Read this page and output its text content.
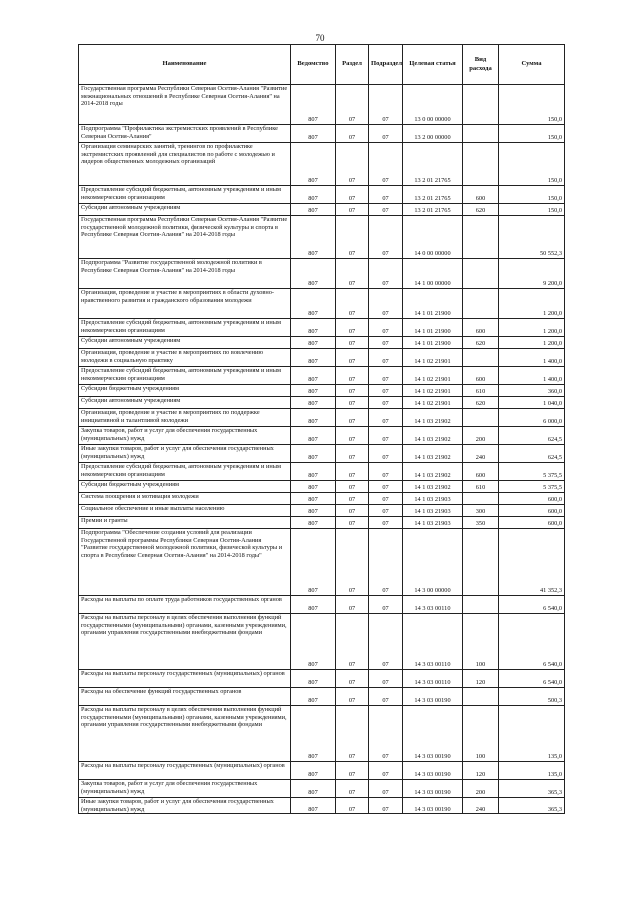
70
Наименование	Ведомство	Раздел	Подраздел	Целевая статья	Вид расхода	Сумма
Государственная программа Республики Северная Осетия-Алания "Развитие межнациональных отношений в Республике Северная Осетия-Алания" на 2014-2018 годы	807	07	07	13 0 00 00000		150,0
Подпрограмма "Профилактика экстремистских проявлений в Республике Северная Осетия-Алания"	807	07	07	13 2 00 00000		150,0
Организация семинарских занятий, тренингов по профилактике экстремистских проявлений для специалистов по работе с молодежью и лидеров общественных молодежных организаций	807	07	07	13 2 01 21765		150,0
Предоставление субсидий бюджетным, автономным учреждениям и иным некоммерческим организациям	807	07	07	13 2 01 21765	600	150,0
Субсидии автономным учреждениям	807	07	07	13 2 01 21765	620	150,0
Государственная программа Республики Северная Осетия-Алания "Развитие государственной молодежной политики, физической культуры и спорта в Республике Северная Осетия-Алания" на 2014-2018 годы	807	07	07	14 0 00 00000		50 552,3
Подпрограмма "Развитие государственной молодежной политики в Республике Северная Осетия-Алания" на 2014-2018 годы	807	07	07	14 1 00 00000		9 200,0
Организация, проведение и участие в мероприятиях в области духовно-нравственного развития и гражданского образования молодежи	807	07	07	14 1 01 21900		1 200,0
Предоставление субсидий бюджетным, автономным учреждениям и иным некоммерческим организациям	807	07	07	14 1 01 21900	600	1 200,0
Субсидии автономным учреждениям	807	07	07	14 1 01 21900	620	1 200,0
Организация, проведение и участие в мероприятиях по вовлечению молодежи в социальную практику	807	07	07	14 1 02 21901		1 400,0
Предоставление субсидий бюджетным, автономным учреждениям и иным некоммерческим организациям	807	07	07	14 1 02 21901	600	1 400,0
Субсидии бюджетным учреждениям	807	07	07	14 1 02 21901	610	360,0
Субсидии автономным учреждениям	807	07	07	14 1 02 21901	620	1 040,0
Организация, проведение и участие в мероприятиях по поддержке инициативной и талантливой молодежи	807	07	07	14 1 03 21902		6 000,0
Закупка товаров, работ и услуг для обеспечения государственных (муниципальных) нужд	807	07	07	14 1 03 21902	200	624,5
Иные закупки товаров, работ и услуг для обеспечения государственных (муниципальных) нужд	807	07	07	14 1 03 21902	240	624,5
Предоставление субсидий бюджетным, автономным учреждениям и иным некоммерческим организациям	807	07	07	14 1 03 21902	600	5 375,5
Субсидии бюджетным учреждениям	807	07	07	14 1 03 21902	610	5 375,5
Система поощрения и мотивация молодежи	807	07	07	14 1 03 21903		600,0
Социальное обеспечение и иные выплаты населению	807	07	07	14 1 03 21903	300	600,0
Премии и гранты	807	07	07	14 1 03 21903	350	600,0
Подпрограмма "Обеспечение создания условий для реализации Государственной программы Республики Северная Осетия-Алания "Развитие государственной молодежной политики, физической культуры и спорта в Республике Северная Осетия-Алания" на 2014-2018 годы"	807	07	07	14 3 00 00000		41 352,3
Расходы на выплаты по оплате труда работников государственных органов	807	07	07	14 3 03 00110		6 540,0
Расходы на выплаты персоналу в целях обеспечения выполнения функций государственными (муниципальными) органами, казенными учреждениями, органами управления государственными внебюджетными фондами	807	07	07	14 3 03 00110	100	6 540,0
Расходы на выплаты персоналу государственных (муниципальных) органов	807	07	07	14 3 03 00110	120	6 540,0
Расходы на обеспечение функций государственных органов	807	07	07	14 3 03 00190		500,3
Расходы на выплаты персоналу в целях обеспечения выполнения функций государственными (муниципальными) органами, казенными учреждениями, органами управления государственными внебюджетными фондами	807	07	07	14 3 03 00190	100	135,0
Расходы на выплаты персоналу государственных (муниципальных) органов	807	07	07	14 3 03 00190	120	135,0
Закупка товаров, работ и услуг для обеспечения государственных (муниципальных) нужд	807	07	07	14 3 03 00190	200	365,3
Иные закупки товаров, работ и услуг для обеспечения государственных (муниципальных) нужд	807	07	07	14 3 03 00190	240	365,3
